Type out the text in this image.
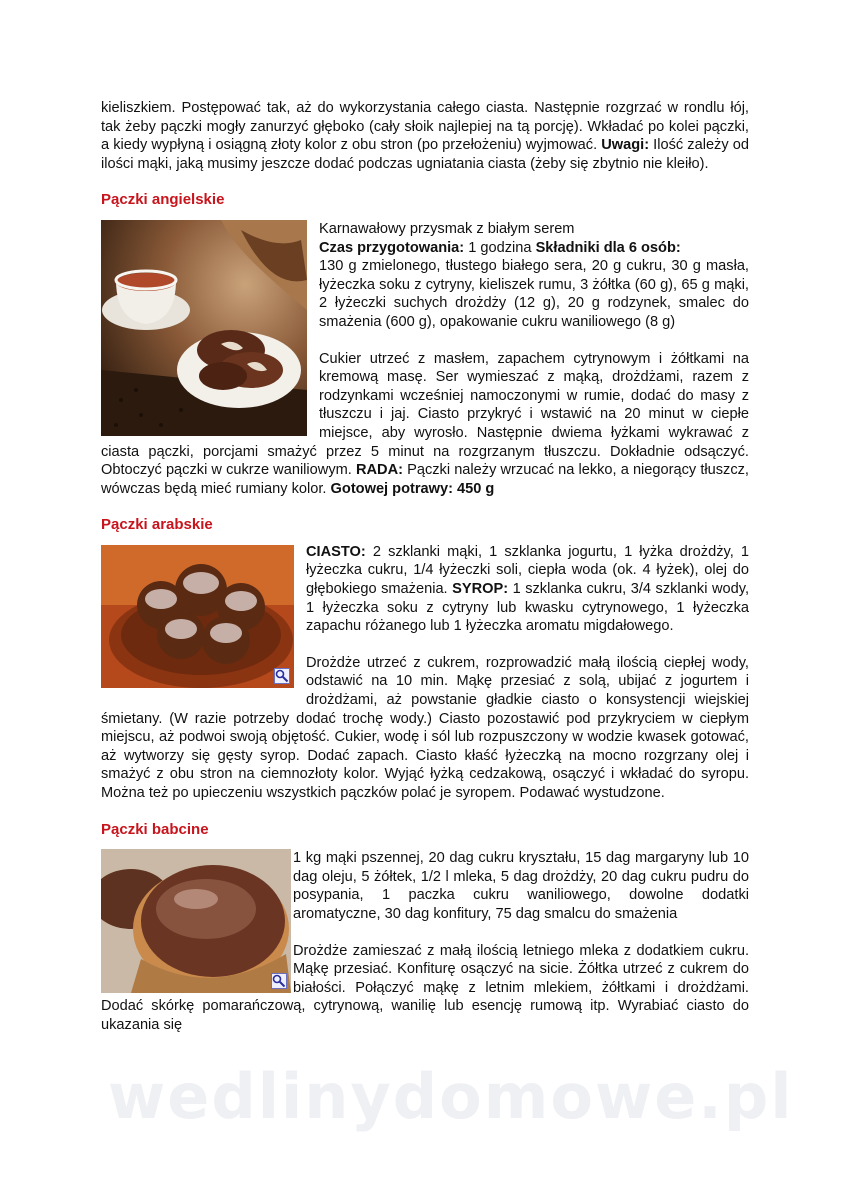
kieliszkiem. Postępować tak, aż do wykorzystania całego ciasta. Następnie rozgrzać w rondlu łój, tak żeby pączki mogły zanurzyć głęboko (cały słoik najlepiej na tą porcję). Wkładać po kolei pączki, a kiedy wypłyną i osiągną złoty kolor z obu stron (po przełożeniu) wyjmować. Uwagi: Ilość zależy od ilości mąki, jaką musimy jeszcze dodać podczas ugniatania ciasta (żeby się zbytnio nie kleiło).

Pączki angielskie

Karnawałowy przysmak z białym serem

Czas przygotowania: 1 godzina Składniki dla 6 osób:
130 g zmielonego, tłustego białego sera, 20 g cukru, 30 g masła, łyżeczka soku z cytryny, kieliszek rumu, 3 żółtka (60 g), 65 g mąki, 2 łyżeczki suchych drożdży (12 g), 20 g rodzynek, smalec do smażenia (600 g), opakowanie cukru waniliowego (8 g)

Cukier utrzeć z masłem, zapachem cytrynowym i żółtkami na kremową masę. Ser wymieszać z mąką, drożdżami, razem z rodzynkami wcześniej namoczonymi w rumie, dodać do masy z tłuszczu i jaj. Ciasto przykryć i wstawić na 20 minut w ciepłe miejsce, aby wyrosło. Następnie dwiema łyżkami wykrawać z ciasta pączki, porcjami smażyć przez 5 minut na rozgrzanym tłuszczu. Dokładnie odsączyć. Obtoczyć pączki w cukrze waniliowym. RADA: Pączki należy wrzucać na lekko, a niegorący tłuszcz, wówczas będą mieć rumiany kolor. Gotowej potrawy: 450 g

Pączki arabskie

CIASTO: 2 szklanki mąki, 1 szklanka jogurtu, 1 łyżka drożdży, 1 łyżeczka cukru, 1/4 łyżeczki soli, ciepła woda (ok. 4 łyżek), olej do głębokiego smażenia. SYROP: 1 szklanka cukru, 3/4 szklanki wody, 1 łyżeczka soku z cytryny lub kwasku cytrynowego, 1 łyżeczka zapachu różanego lub 1 łyżeczka aromatu migdałowego.

Drożdże utrzeć z cukrem, rozprowadzić małą ilością ciepłej wody, odstawić na 10 min. Mąkę przesiać z solą, ubijać z jogurtem i drożdżami, aż powstanie gładkie ciasto o konsystencji wiejskiej śmietany. (W razie potrzeby dodać trochę wody.) Ciasto pozostawić pod przykryciem w ciepłym miejscu, aż podwoi swoją objętość. Cukier, wodę i sól lub rozpuszczony w wodzie kwasek gotować, aż wytworzy się gęsty syrop. Dodać zapach. Ciasto kłaść łyżeczką na mocno rozgrzany olej i smażyć z obu stron na ciemnozłoty kolor. Wyjąć łyżką cedzakową, osączyć i wkładać do syropu. Można też po upieczeniu wszystkich pączków polać je syropem. Podawać wystudzone.

Pączki babcine

1 kg mąki pszennej, 20 dag cukru kryształu, 15 dag margaryny lub 10 dag oleju, 5 żółtek, 1/2 l mleka, 5 dag drożdży, 20 dag cukru pudru do posypania, 1 paczka cukru waniliowego, dowolne dodatki aromatyczne, 30 dag konfitury, 75 dag smalcu do smażenia

Drożdże zamieszać z małą ilością letniego mleka z dodatkiem cukru. Mąkę przesiać. Konfiturę osączyć na sicie. Żółtka utrzeć z cukrem do białości. Połączyć mąkę z letnim mlekiem, żółtkami i drożdżami. Dodać skórkę pomarańczową, cytrynową, wanilię lub esencję rumową itp. Wyrabiać ciasto do ukazania się

wedlinydomowe.pl
